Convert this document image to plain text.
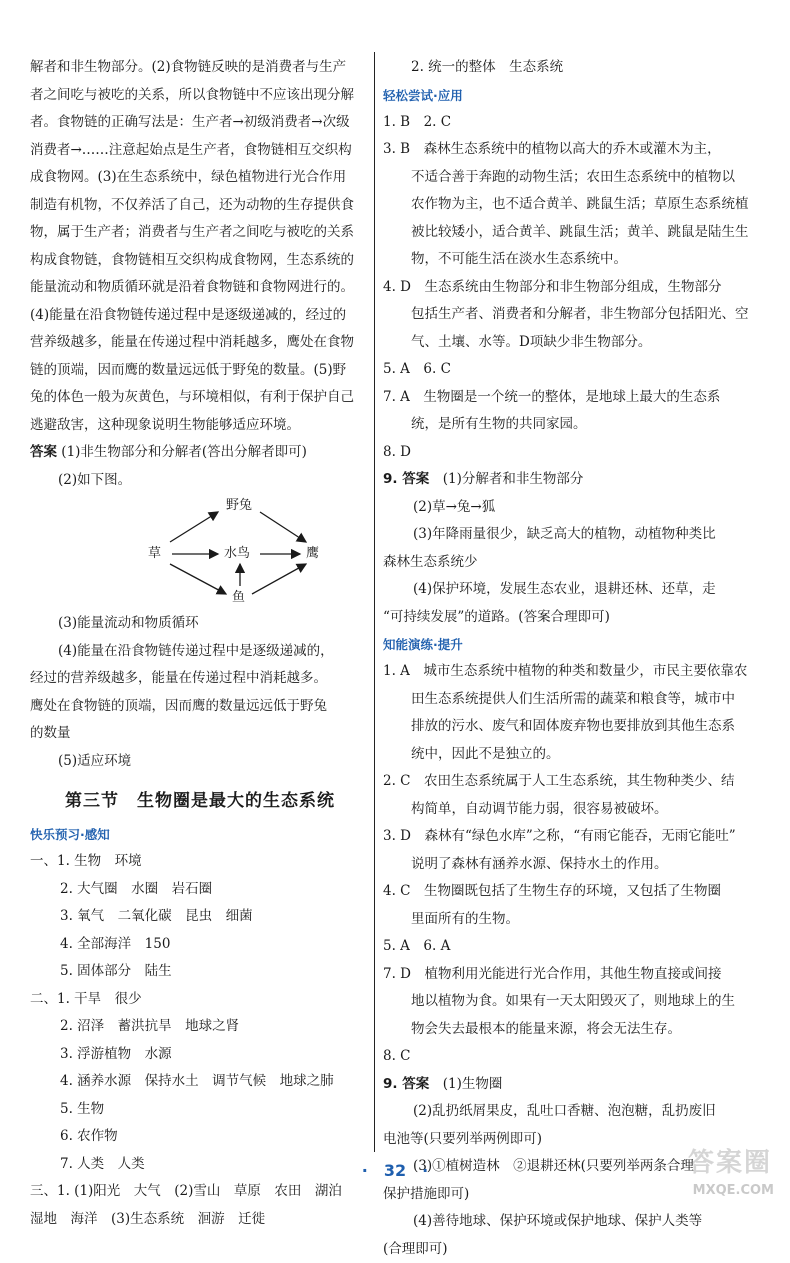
解者和非生物部分。(2)食物链反映的是消费者与生产

者之间吃与被吃的关系，所以食物链中不应该出现分解

者。食物链的正确写法是：生产者→初级消费者→次级

消费者→……注意起始点是生产者，食物链相互交织构

成食物网。(3)在生态系统中，绿色植物进行光合作用

制造有机物，不仅养活了自己，还为动物的生存提供食

物，属于生产者；消费者与生产者之间吃与被吃的关系

构成食物链，食物链相互交织构成食物网，生态系统的

能量流动和物质循环就是沿着食物链和食物网进行的。

(4)能量在沿食物链传递过程中是逐级递减的，经过的

营养级越多，能量在传递过程中消耗越多，鹰处在食物

链的顶端，因而鹰的数量远远低于野兔的数量。(5)野

兔的体色一般为灰黄色，与环境相似，有利于保护自己

逃避敌害，这种现象说明生物能够适应环境。

答案 (1)非生物部分和分解者(答出分解者即可)

(2)如下图。

野兔
草	水鸟	鹰
鱼

(3)能量流动和物质循环

(4)能量在沿食物链传递过程中是逐级递减的，

经过的营养级越多，能量在传递过程中消耗越多。

鹰处在食物链的顶端，因而鹰的数量远远低于野兔

的数量

(5)适应环境

第三节　生物圈是最大的生态系统
快乐预习·感知

一、1. 生物　环境

2. 大气圈　水圈　岩石圈

3. 氧气　二氧化碳　昆虫　细菌

4. 全部海洋　150

5. 固体部分　陆生

二、1. 干旱　很少

2. 沼泽　蓄洪抗旱　地球之肾

3. 浮游植物　水源

4. 涵养水源　保持水土　调节气候　地球之肺

5. 生物

6. 农作物

7. 人类　人类

三、1. (1)阳光　大气　(2)雪山　草原　农田　湖泊

湿地　海洋　(3)生态系统　洄游　迁徙

2. 统一的整体　生态系统

轻松尝试·应用

1. B　2. C

3. B　森林生态系统中的植物以高大的乔木或灌木为主，

不适合善于奔跑的动物生活；农田生态系统中的植物以

农作物为主，也不适合黄羊、跳鼠生活；草原生态系统植

被比较矮小，适合黄羊、跳鼠生活；黄羊、跳鼠是陆生生

物，不可能生活在淡水生态系统中。

4. D　生态系统由生物部分和非生物部分组成，生物部分

包括生产者、消费者和分解者，非生物部分包括阳光、空

气、土壤、水等。D项缺少非生物部分。

5. A　6. C

7. A　生物圈是一个统一的整体，是地球上最大的生态系

统，是所有生物的共同家园。

8. D

9. 答案　 (1)分解者和非生物部分

(2)草→兔→狐

(3)年降雨量很少，缺乏高大的植物，动植物种类比

森林生态系统少

(4)保护环境，发展生态农业，退耕还林、还草，走

“可持续发展”的道路。(答案合理即可)

知能演练·提升

1. A　城市生态系统中植物的种类和数量少，市民主要依靠农

田生态系统提供人们生活所需的蔬菜和粮食等，城市中

排放的污水、废气和固体废弃物也要排放到其他生态系

统中，因此不是独立的。

2. C　农田生态系统属于人工生态系统，其生物种类少、结

构简单，自动调节能力弱，很容易被破坏。

3. D　森林有“绿色水库”之称，“有雨它能吞，无雨它能吐”

说明了森林有涵养水源、保持水土的作用。

4. C　生物圈既包括了生物生存的环境，又包括了生物圈

里面所有的生物。

5. A　6. A

7. D　植物利用光能进行光合作用，其他生物直接或间接

地以植物为食。如果有一天太阳毁灭了，则地球上的生

物会失去最根本的能量来源，将会无法生存。

8. C

9. 答案　 (1)生物圈

(2)乱扔纸屑果皮，乱吐口香糖、泡泡糖，乱扔废旧

电池等(只要列举两例即可)

(3)①植树造林　②退耕还林(只要列举两条合理

保护措施即可)

(4)善待地球、保护环境或保护地球、保护人类等

(合理即可)

·　32　·	答案圈
MXQE.COM
